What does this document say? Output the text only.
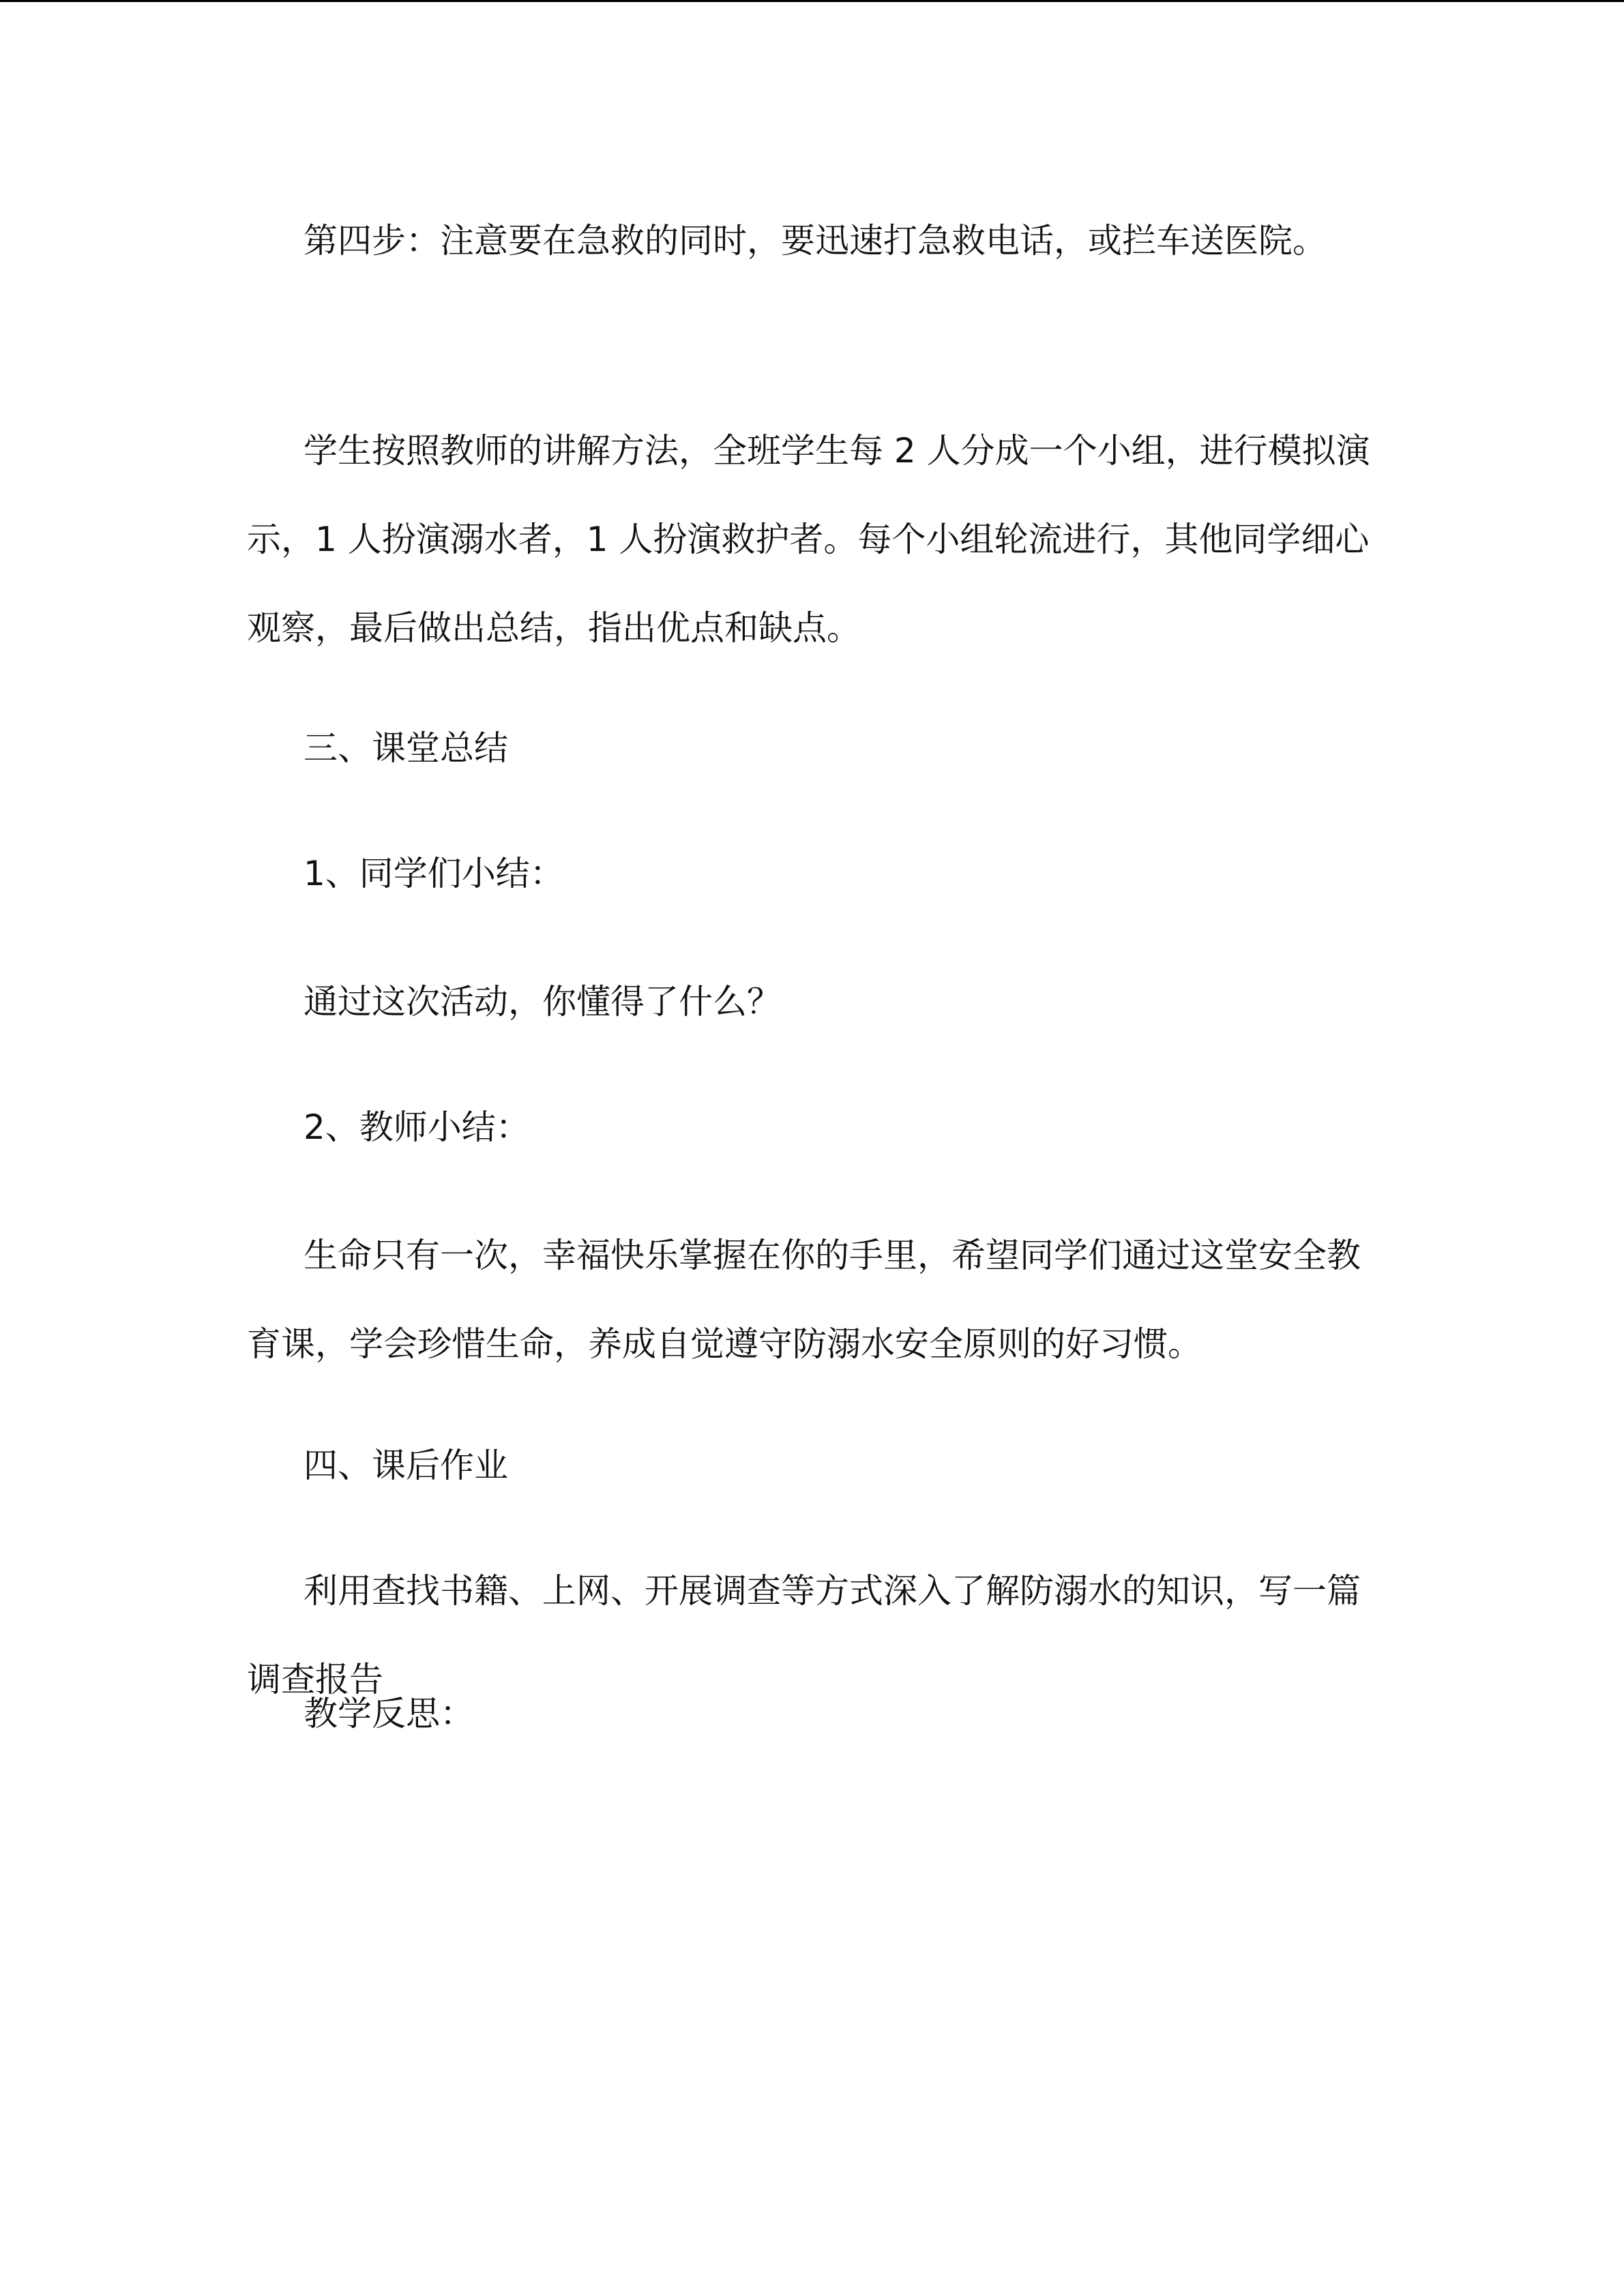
第四步：注意要在急救的同时，要迅速打急救电话，或拦车送医院。

学生按照教师的讲解方法，全班学生每 2 人分成一个小组，进行模拟演示，1 人扮演溺水者，1 人扮演救护者。每个小组轮流进行，其他同学细心观察，最后做出总结，指出优点和缺点。

三、课堂总结

1、同学们小结：

通过这次活动，你懂得了什么？

2、教师小结：

生命只有一次，幸福快乐掌握在你的手里，希望同学们通过这堂安全教育课，学会珍惜生命，养成自觉遵守防溺水安全原则的好习惯。

四、课后作业

利用查找书籍、上网、开展调查等方式深入了解防溺水的知识，写一篇调查报告

教学反思：
